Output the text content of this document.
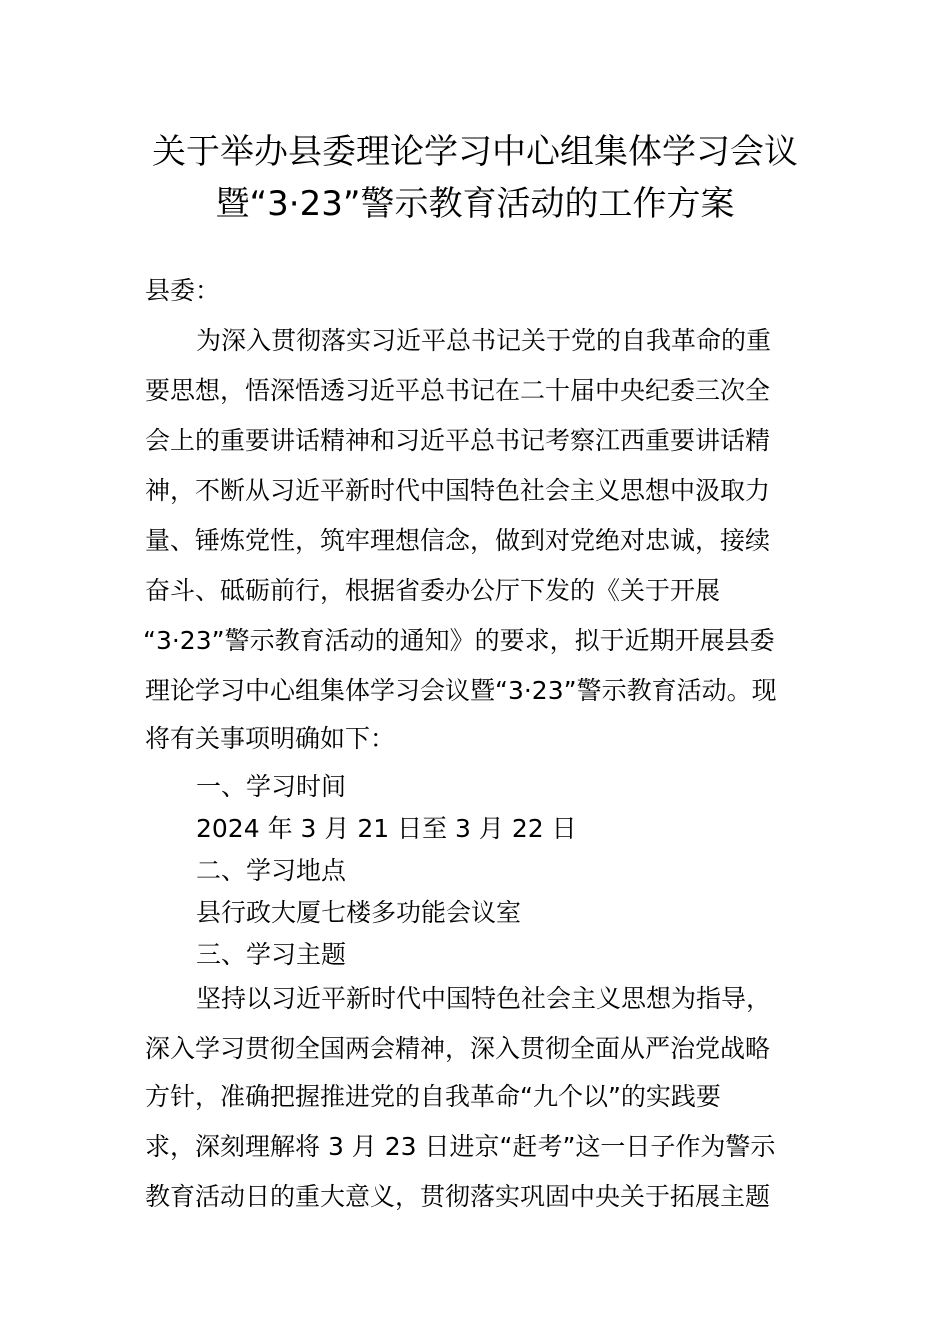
关于举办县委理论学习中心组集体学习会议
暨“3·23”警示教育活动的工作方案

县委：

为深入贯彻落实习近平总书记关于党的自我革命的重

要思想，悟深悟透习近平总书记在二十届中央纪委三次全

会上的重要讲话精神和习近平总书记考察江西重要讲话精

神，不断从习近平新时代中国特色社会主义思想中汲取力

量、锤炼党性，筑牢理想信念，做到对党绝对忠诚，接续

奋斗、砥砺前行，根据省委办公厅下发的《关于开展

“3·23”警示教育活动的通知》的要求，拟于近期开展县委

理论学习中心组集体学习会议暨“3·23”警示教育活动。现

将有关事项明确如下：

一、学习时间

2024 年 3 月 21 日至 3 月 22 日

二、学习地点

县行政大厦七楼多功能会议室

三、学习主题

坚持以习近平新时代中国特色社会主义思想为指导，

深入学习贯彻全国两会精神，深入贯彻全面从严治党战略

方针，准确把握推进党的自我革命“九个以”的实践要

求，深刻理解将 3 月 23 日进京“赶考”这一日子作为警示

教育活动日的重大意义，贯彻落实巩固中央关于拓展主题
